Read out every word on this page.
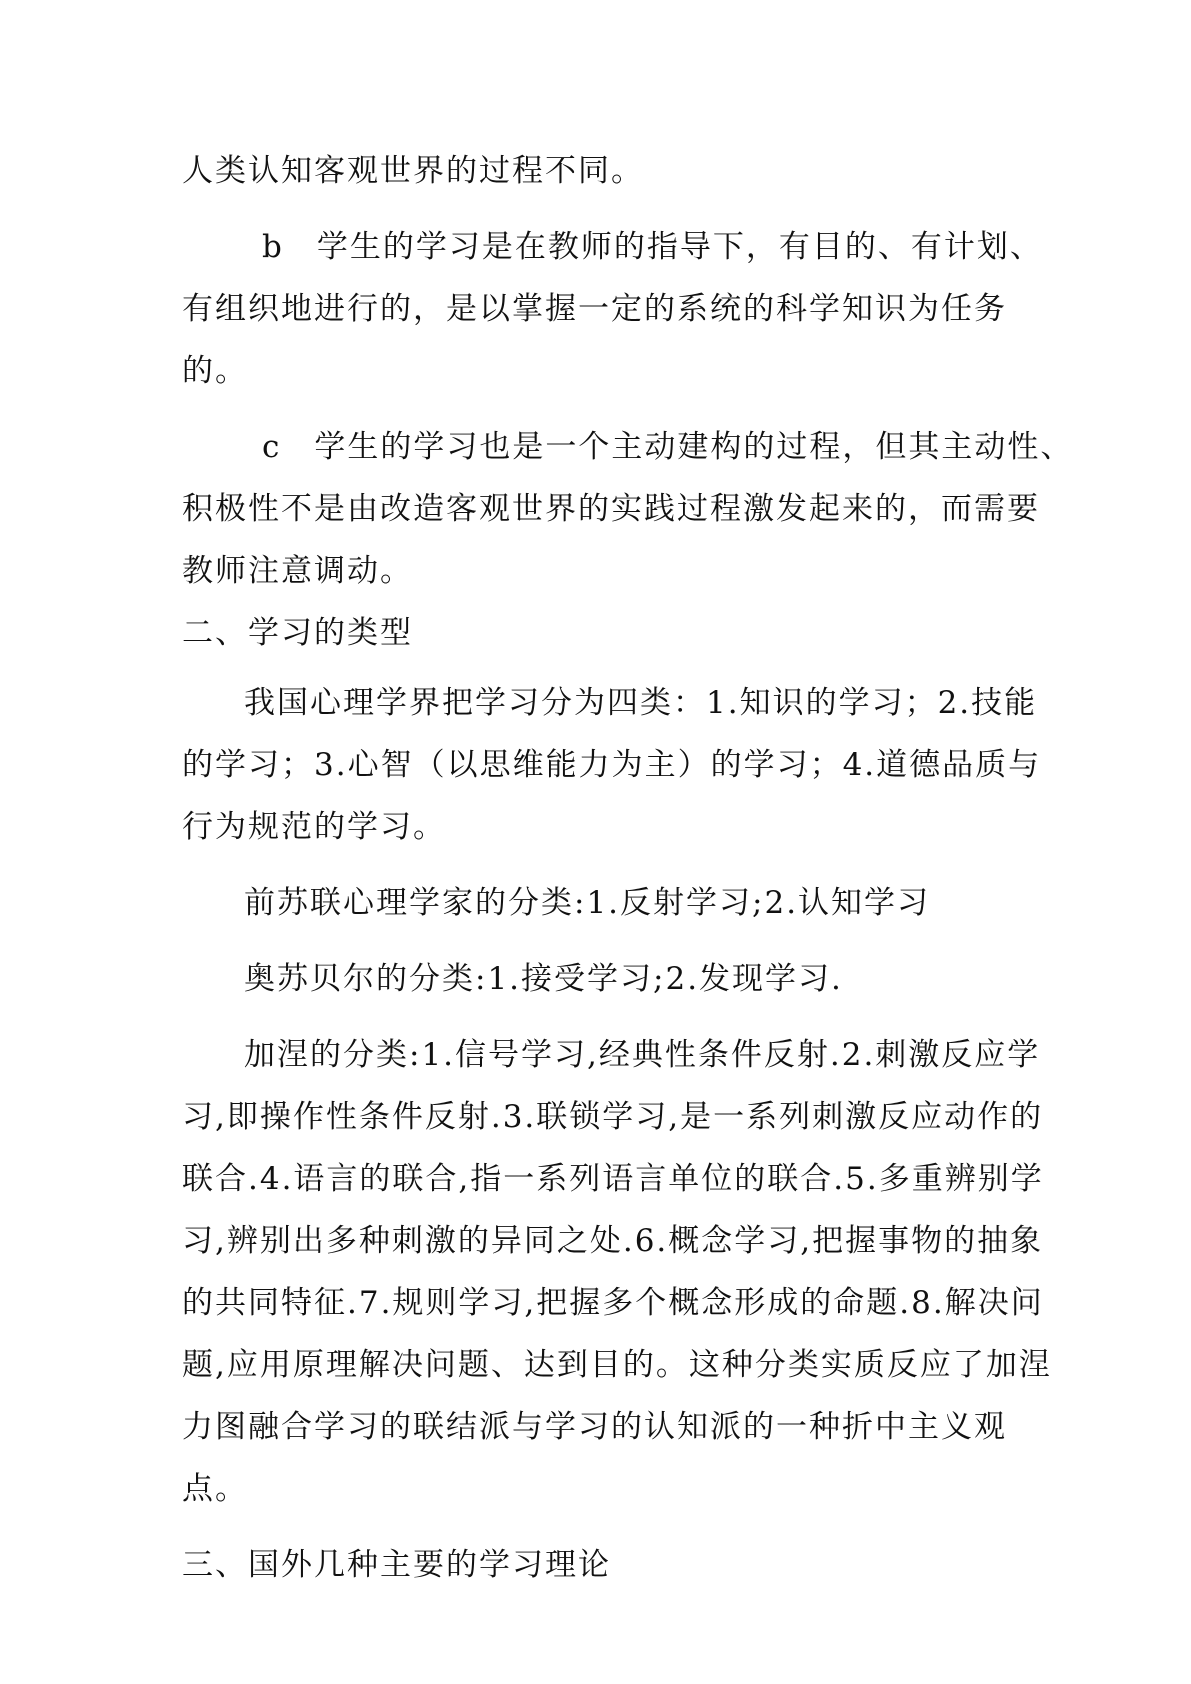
人类认知客观世界的过程不同。

b　学生的学习是在教师的指导下，有目的、有计划、
有组织地进行的，是以掌握一定的系统的科学知识为任务
的。

c　学生的学习也是一个主动建构的过程，但其主动性、
积极性不是由改造客观世界的实践过程激发起来的，而需要
教师注意调动。

二、学习的类型

我国心理学界把学习分为四类：1.知识的学习；2.技能
的学习；3.心智（以思维能力为主）的学习；4.道德品质与
行为规范的学习。

前苏联心理学家的分类:1.反射学习;2.认知学习

奥苏贝尔的分类:1.接受学习;2.发现学习.

加涅的分类:1.信号学习,经典性条件反射.2.刺激反应学
习,即操作性条件反射.3.联锁学习,是一系列刺激反应动作的
联合.4.语言的联合,指一系列语言单位的联合.5.多重辨别学
习,辨别出多种刺激的异同之处.6.概念学习,把握事物的抽象
的共同特征.7.规则学习,把握多个概念形成的命题.8.解决问
题,应用原理解决问题、达到目的。这种分类实质反应了加涅
力图融合学习的联结派与学习的认知派的一种折中主义观
点。

三、国外几种主要的学习理论
